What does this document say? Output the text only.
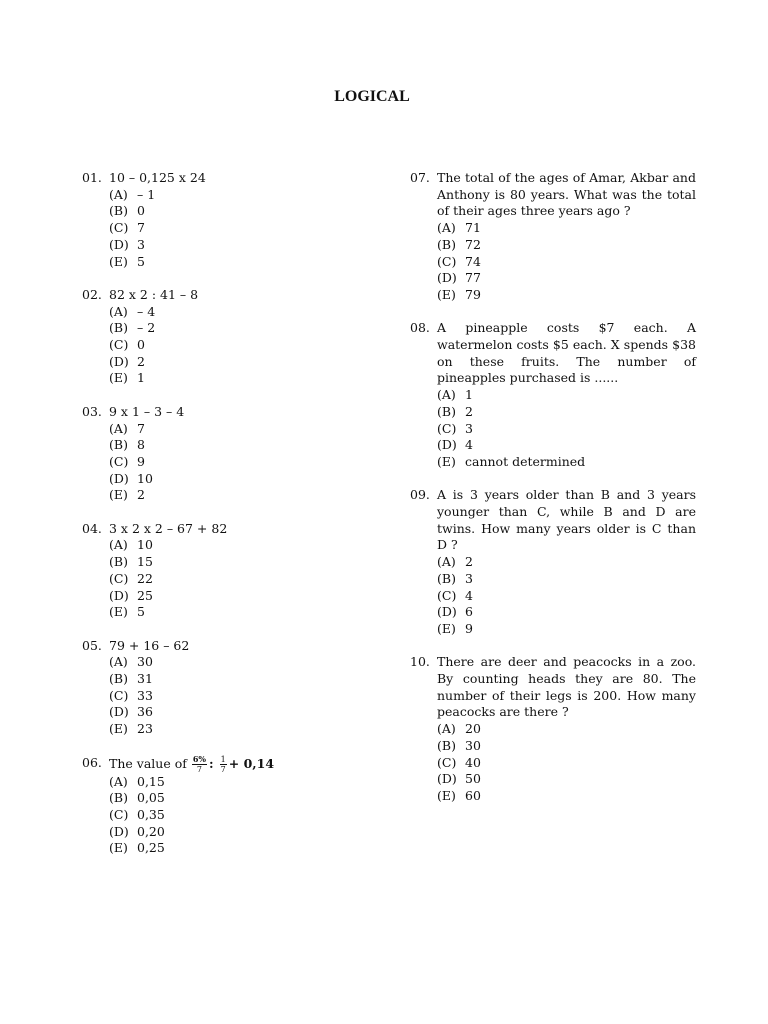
LOGICAL
01. 10 – 0,125 x 24
(A) – 1
(B) 0
(C) 7
(D) 3
(E) 5
02. 82 x 2 : 41 – 8
(A) – 4
(B) – 2
(C) 0
(D) 2
(E) 1
03. 9 x 1 – 3 – 4
(A) 7
(B) 8
(C) 9
(D) 10
(E) 2
04. 3 x 2 x 2 – 67 + 82
(A) 10
(B) 15
(C) 22
(D) 25
(E) 5
05. 79 + 16 – 62
(A) 30
(B) 31
(C) 33
(D) 36
(E) 23
06. The value of $\frac{6\%}{7}$ : $\frac{1}{7} + 0,14$
(A) 0,15
(B) 0,05
(C) 0,35
(D) 0,20
(E) 0,25
07. The total of the ages of Amar, Akbar and Anthony is 80 years. What was the total of their ages three years ago ?
(A) 71
(B) 72
(C) 74
(D) 77
(E) 79
08. A pineapple costs $7 each. A watermelon costs $5 each. X spends $38 on these fruits. The number of pineapples purchased is ......
(A) 1
(B) 2
(C) 3
(D) 4
(E) cannot determined
09. A is 3 years older than B and 3 years younger than C, while B and D are twins. How many years older is C than D ?
(A) 2
(B) 3
(C) 4
(D) 6
(E) 9
10. There are deer and peacocks in a zoo. By counting heads they are 80. The number of their legs is 200. How many peacocks are there ?
(A) 20
(B) 30
(C) 40
(D) 50
(E) 60
